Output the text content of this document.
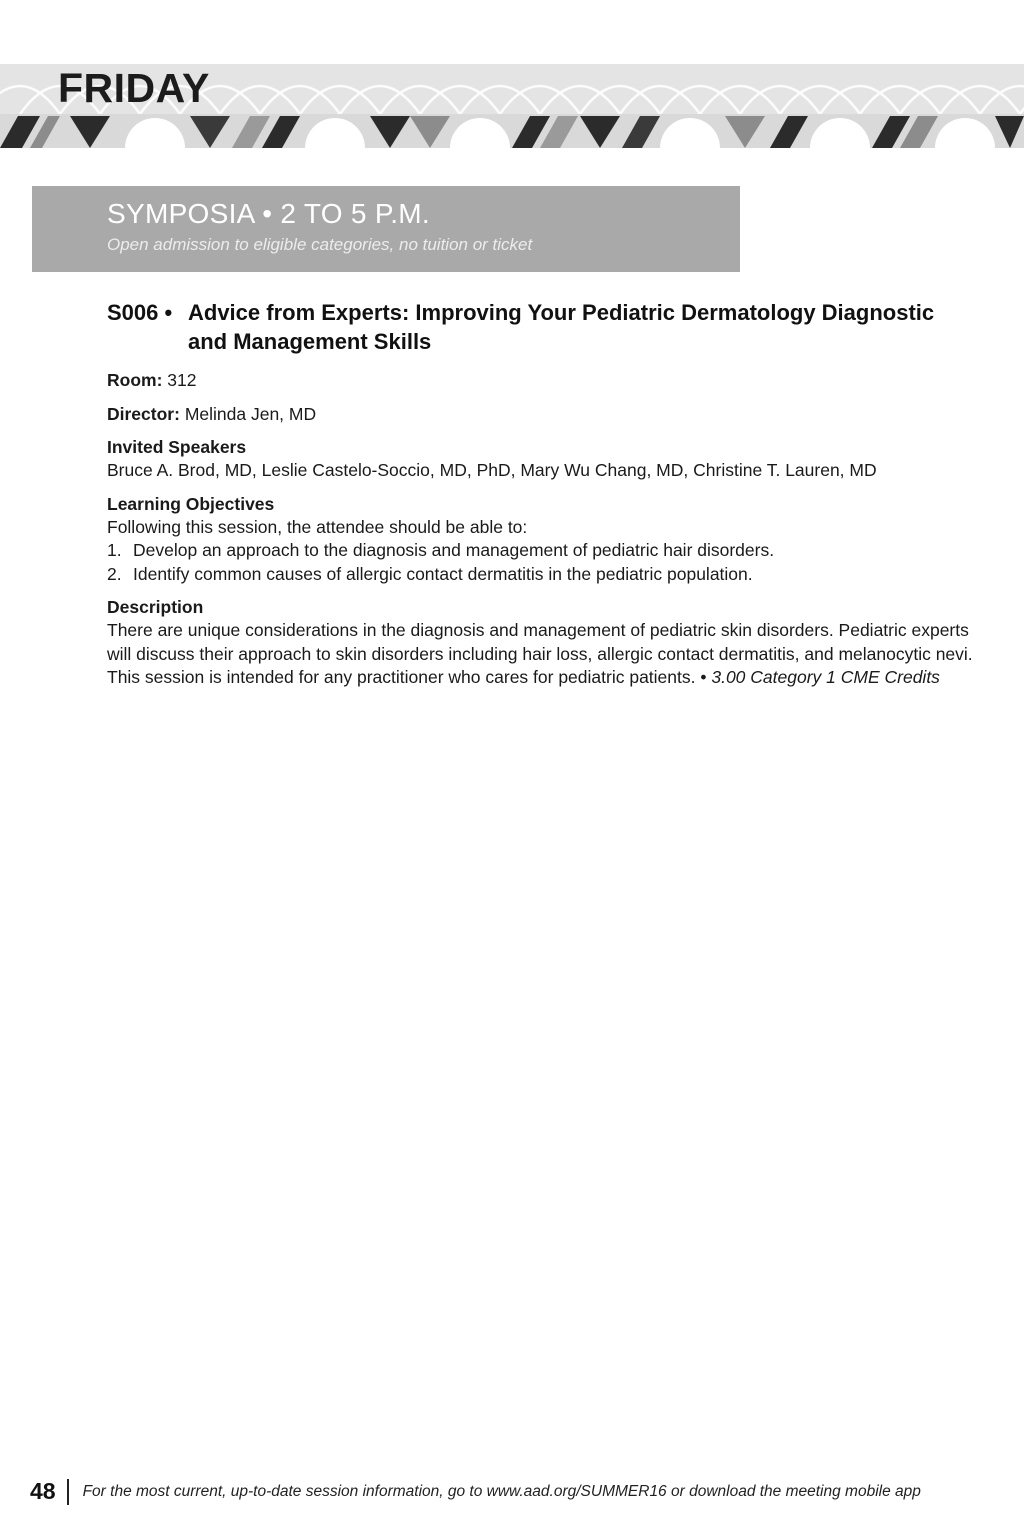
FRIDAY
SYMPOSIA • 2 TO 5 P.M.
Open admission to eligible categories, no tuition or ticket
S006 • Advice from Experts: Improving Your Pediatric Dermatology Diagnostic and Management Skills
Room: 312
Director: Melinda Jen, MD
Invited Speakers
Bruce A. Brod, MD, Leslie Castelo-Soccio, MD, PhD, Mary Wu Chang, MD, Christine T. Lauren, MD
Learning Objectives
Following this session, the attendee should be able to:
1. Develop an approach to the diagnosis and management of pediatric hair disorders.
2. Identify common causes of allergic contact dermatitis in the pediatric population.
Description
There are unique considerations in the diagnosis and management of pediatric skin disorders. Pediatric experts will discuss their approach to skin disorders including hair loss, allergic contact dermatitis, and melanocytic nevi. This session is intended for any practitioner who cares for pediatric patients. • 3.00 Category 1 CME Credits
48 For the most current, up-to-date session information, go to www.aad.org/SUMMER16 or download the meeting mobile app
